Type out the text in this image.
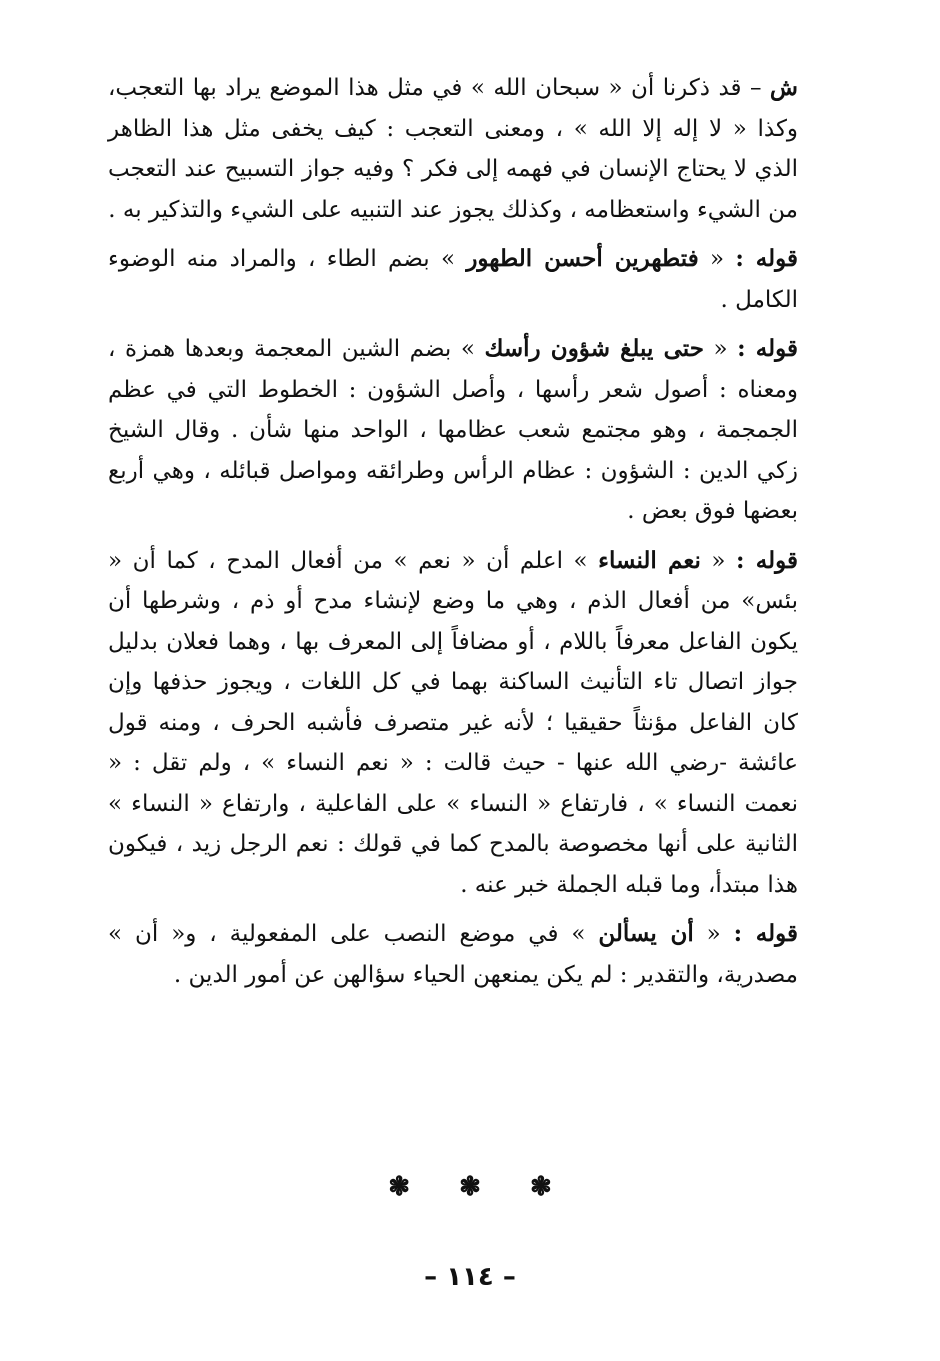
ش – قد ذكرنا أن « سبحان الله » في مثل هذا الموضع يراد بها التعجب، وكذا « لا إله إلا الله » ، ومعنى التعجب : كيف يخفى مثل هذا الظاهر الذي لا يحتاج الإنسان في فهمه إلى فكر ؟ وفيه جواز التسبيح عند التعجب من الشيء واستعظامه ، وكذلك يجوز عند التنبيه على الشيء والتذكير به .

قوله : « فتطهرين أحسن الطهور » بضم الطاء ، والمراد منه الوضوء الكامل .

قوله : « حتى يبلغ شؤون رأسك » بضم الشين المعجمة وبعدها همزة ، ومعناه : أصول شعر رأسها ، وأصل الشؤون : الخطوط التي في عظم الجمجمة ، وهو مجتمع شعب عظامها ، الواحد منها شأن . وقال الشيخ زكي الدين : الشؤون : عظام الرأس وطرائقه ومواصل قبائله ، وهي أربع بعضها فوق بعض .

قوله : « نعم النساء » اعلم أن « نعم » من أفعال المدح ، كما أن « بئس» من أفعال الذم ، وهي ما وضع لإنشاء مدح أو ذم ، وشرطها أن يكون الفاعل معرفاً باللام ، أو مضافاً إلى المعرف بها ، وهما فعلان بدليل جواز اتصال تاء التأنيث الساكنة بهما في كل اللغات ، ويجوز حذفها وإن كان الفاعل مؤنثاً حقيقيا ؛ لأنه غير متصرف فأشبه الحرف ، ومنه قول عائشة -رضي الله عنها - حيث قالت : « نعم النساء » ، ولم تقل : « نعمت النساء » ، فارتفاع « النساء » على الفاعلية ، وارتفاع « النساء » الثانية على أنها مخصوصة بالمدح كما في قولك : نعم الرجل زيد ، فيكون هذا مبتدأ، وما قبله الجملة خبر عنه .

قوله : « أن يسألن » في موضع النصب على المفعولية ، و« أن » مصدرية، والتقدير : لم يكن يمنعهن الحياء سؤالهن عن أمور الدين .

❃ ❃ ❃
– ١١٤ –
